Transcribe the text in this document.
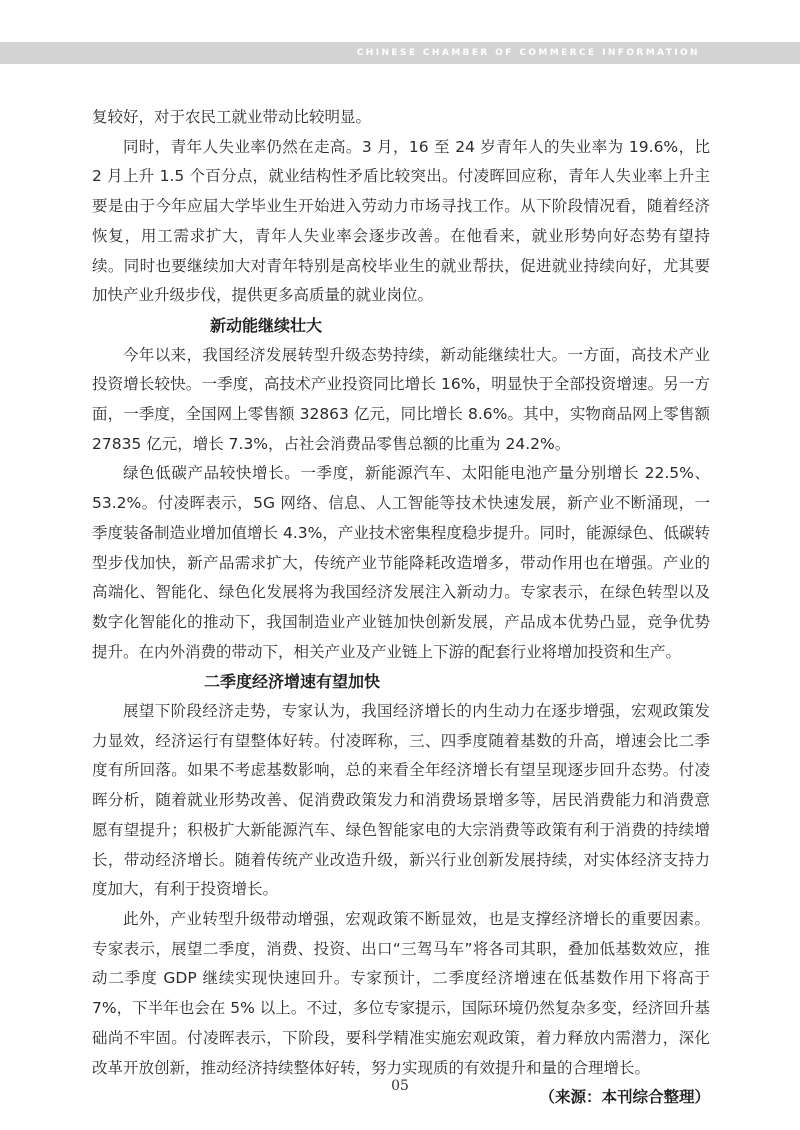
CHINESE CHAMBER OF COMMERCE INFORMATION

复较好，对于农民工就业带动比较明显。

同时，青年人失业率仍然在走高。3 月，16 至 24 岁青年人的失业率为 19.6%，比 2 月上升 1.5 个百分点，就业结构性矛盾比较突出。付凌晖回应称，青年人失业率上升主要是由于今年应届大学毕业生开始进入劳动力市场寻找工作。从下阶段情况看，随着经济恢复，用工需求扩大，青年人失业率会逐步改善。在他看来，就业形势向好态势有望持续。同时也要继续加大对青年特别是高校毕业生的就业帮扶，促进就业持续向好，尤其要加快产业升级步伐，提供更多高质量的就业岗位。

新动能继续壮大

今年以来，我国经济发展转型升级态势持续，新动能继续壮大。一方面，高技术产业投资增长较快。一季度，高技术产业投资同比增长 16%，明显快于全部投资增速。另一方面，一季度，全国网上零售额 32863 亿元，同比增长 8.6%。其中，实物商品网上零售额 27835 亿元，增长 7.3%，占社会消费品零售总额的比重为 24.2%。

绿色低碳产品较快增长。一季度，新能源汽车、太阳能电池产量分别增长 22.5%、53.2%。付凌晖表示，5G 网络、信息、人工智能等技术快速发展，新产业不断涌现，一季度装备制造业增加值增长 4.3%，产业技术密集程度稳步提升。同时，能源绿色、低碳转型步伐加快，新产品需求扩大，传统产业节能降耗改造增多，带动作用也在增强。产业的高端化、智能化、绿色化发展将为我国经济发展注入新动力。专家表示，在绿色转型以及数字化智能化的推动下，我国制造业产业链加快创新发展，产品成本优势凸显，竞争优势提升。在内外消费的带动下，相关产业及产业链上下游的配套行业将增加投资和生产。

二季度经济增速有望加快

展望下阶段经济走势，专家认为，我国经济增长的内生动力在逐步增强，宏观政策发力显效，经济运行有望整体好转。付凌晖称，三、四季度随着基数的升高，增速会比二季度有所回落。如果不考虑基数影响，总的来看全年经济增长有望呈现逐步回升态势。付凌晖分析，随着就业形势改善、促消费政策发力和消费场景增多等，居民消费能力和消费意愿有望提升；积极扩大新能源汽车、绿色智能家电的大宗消费等政策有利于消费的持续增长，带动经济增长。随着传统产业改造升级，新兴行业创新发展持续，对实体经济支持力度加大，有利于投资增长。

此外，产业转型升级带动增强，宏观政策不断显效，也是支撑经济增长的重要因素。专家表示，展望二季度，消费、投资、出口“三驾马车”将各司其职，叠加低基数效应，推动二季度 GDP 继续实现快速回升。专家预计，二季度经济增速在低基数作用下将高于 7%，下半年也会在 5% 以上。不过，多位专家提示，国际环境仍然复杂多变，经济回升基础尚不牢固。付凌晖表示，下阶段，要科学精准实施宏观政策，着力释放内需潜力，深化改革开放创新，推动经济持续整体好转，努力实现质的有效提升和量的合理增长。

（来源：本刊综合整理）
05
